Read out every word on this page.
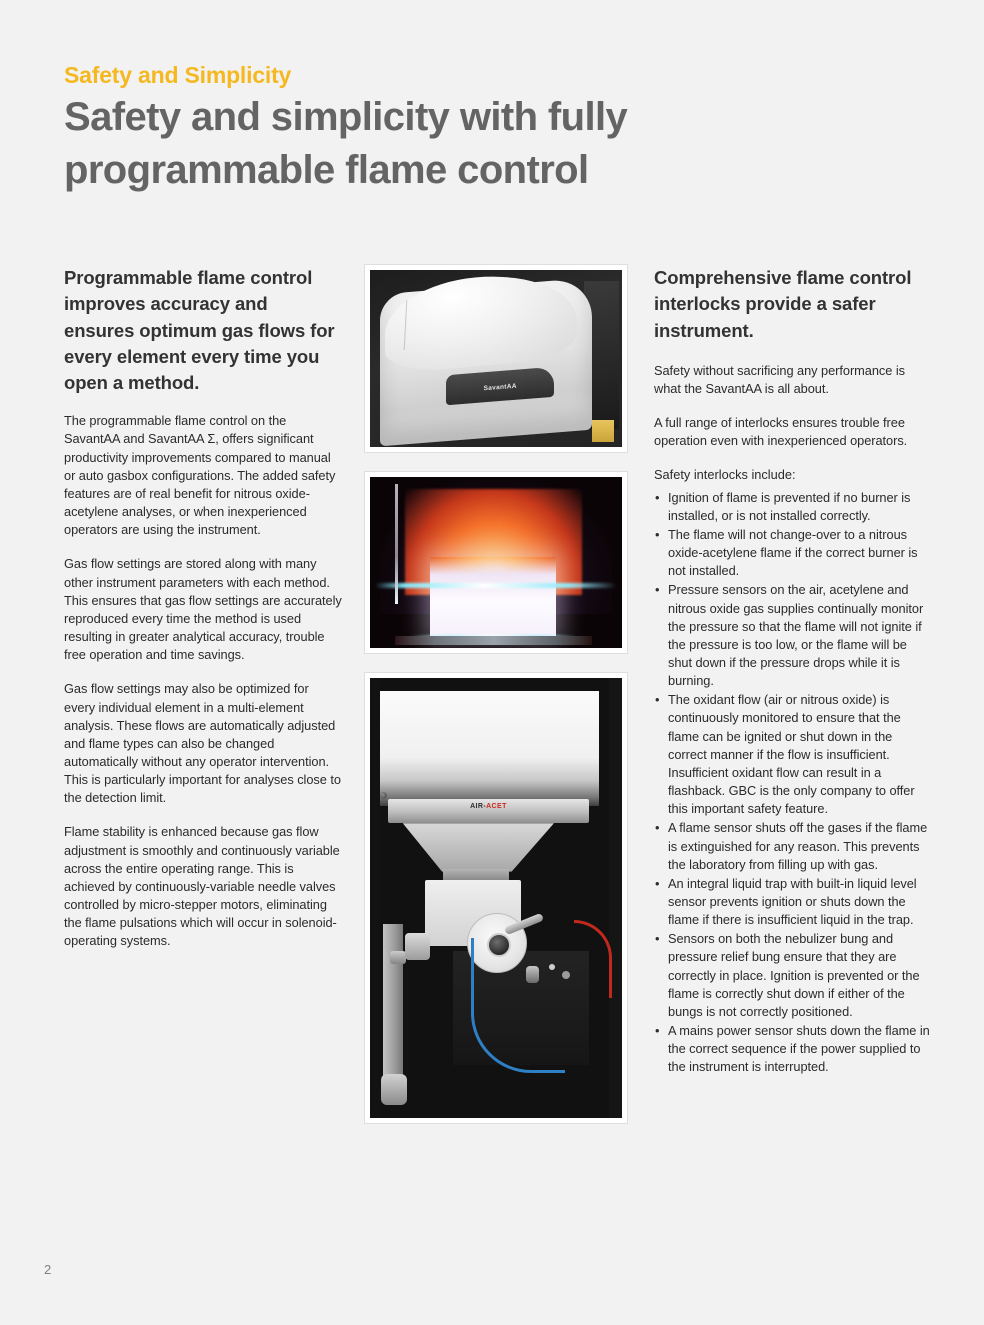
Safety and Simplicity
Safety and simplicity with fully programmable flame control
Programmable flame control improves accuracy and ensures optimum gas flows for every element every time you open a method.

The programmable flame control on the SavantAA and SavantAA Σ, offers significant productivity improvements compared to manual or auto gasbox configurations. The added safety features are of real benefit for nitrous oxide-acetylene analyses, or when inexperienced operators are using the instrument.

Gas flow settings are stored along with many other instrument parameters with each method. This ensures that gas flow settings are accurately reproduced every time the method is used resulting in greater analytical accuracy, trouble free operation and time savings.

Gas flow settings may also be optimized for every individual element in a multi-element analysis. These flows are automatically adjusted and flame types can also be changed automatically without any operator intervention. This is particularly important for analyses close to the detection limit.

Flame stability is enhanced because gas flow adjustment is smoothly and continuously variable across the entire operating range. This is achieved by continuously-variable needle valves controlled by micro-stepper motors, eliminating the flame pulsations which will occur in solenoid-operating systems.

SavantAA
AIR-ACET
Comprehensive flame control interlocks provide a safer instrument.

Safety without sacrificing any performance is what the SavantAA is all about.

A full range of interlocks ensures trouble free operation even with inexperienced operators.

Safety interlocks include:
• Ignition of flame is prevented if no burner is installed, or is not installed correctly.
• The flame will not change-over to a nitrous oxide-acetylene flame if the correct burner is not installed.
• Pressure sensors on the air, acetylene and nitrous oxide gas supplies continually monitor the pressure so that the flame will not ignite if the pressure is too low, or the flame will be shut down if the pressure drops while it is burning.
• The oxidant flow (air or nitrous oxide) is continuously monitored to ensure that the flame can be ignited or shut down in the correct manner if the flow is insufficient. Insufficient oxidant flow can result in a flashback. GBC is the only company to offer this important safety feature.
• A flame sensor shuts off the gases if the flame is extinguished for any reason. This prevents the laboratory from filling up with gas.
• An integral liquid trap with built-in liquid level sensor prevents ignition or shuts down the flame if there is insufficient liquid in the trap.
• Sensors on both the nebulizer bung and pressure relief bung ensure that they are correctly in place. Ignition is prevented or the flame is correctly shut down if either of the bungs is not correctly positioned.
• A mains power sensor shuts down the flame in the correct sequence if the power supplied to the instrument is interrupted.
2
